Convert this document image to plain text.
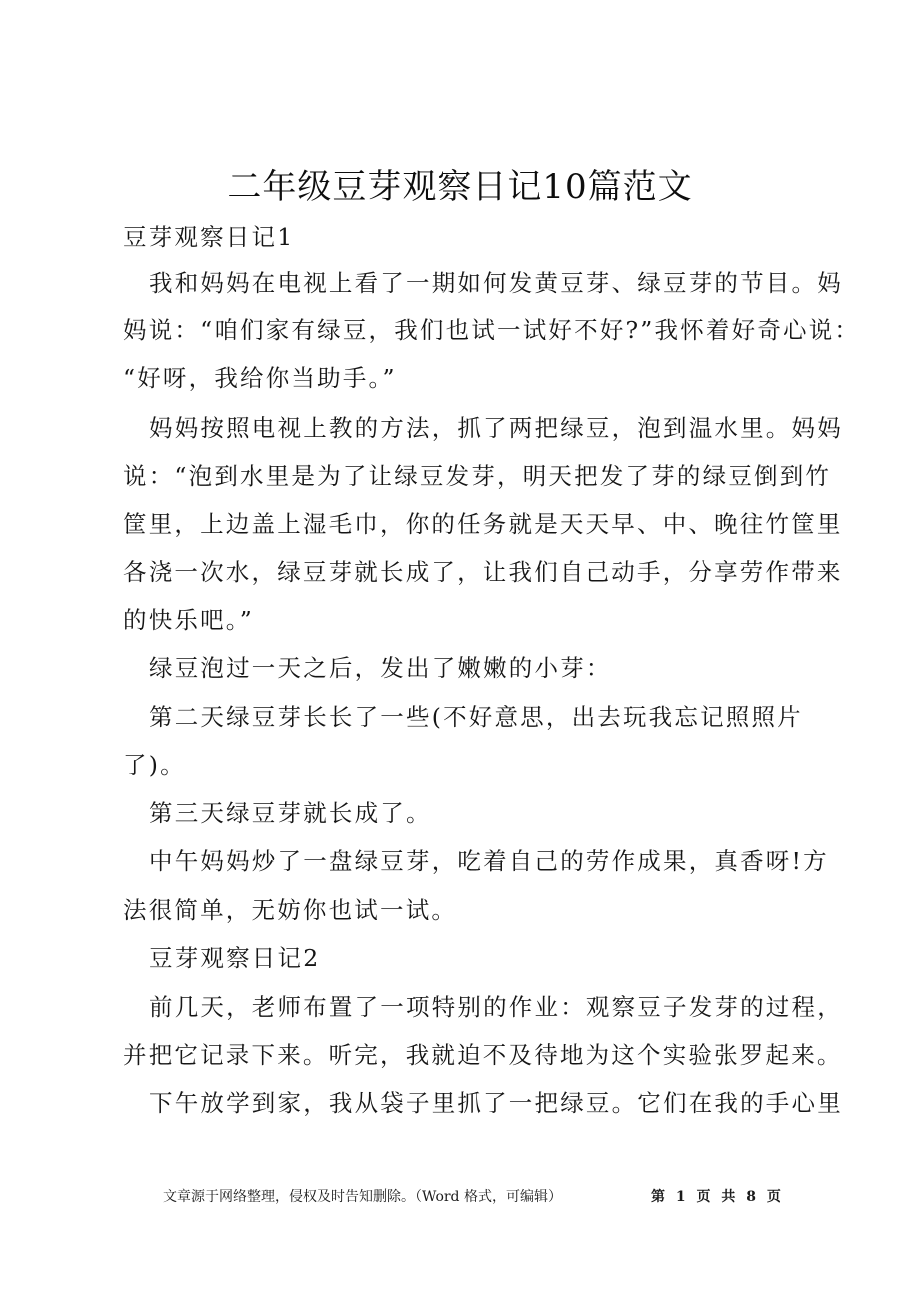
二年级豆芽观察日记10篇范文
豆芽观察日记1
我和妈妈在电视上看了一期如何发黄豆芽、绿豆芽的节目。妈
妈说：“咱们家有绿豆，我们也试一试好不好?”我怀着好奇心说：
“好呀，我给你当助手。”
妈妈按照电视上教的方法，抓了两把绿豆，泡到温水里。妈妈
说：“泡到水里是为了让绿豆发芽，明天把发了芽的绿豆倒到竹
筐里，上边盖上湿毛巾，你的任务就是天天早、中、晚往竹筐里
各浇一次水，绿豆芽就长成了，让我们自己动手，分享劳作带来
的快乐吧。”
绿豆泡过一天之后，发出了嫩嫩的小芽：
第二天绿豆芽长长了一些(不好意思，出去玩我忘记照照片
了)。
第三天绿豆芽就长成了。
中午妈妈炒了一盘绿豆芽，吃着自己的劳作成果，真香呀!方
法很简单，无妨你也试一试。
豆芽观察日记2
前几天，老师布置了一项特别的作业：观察豆子发芽的过程，
并把它记录下来。听完，我就迫不及待地为这个实验张罗起来。
下午放学到家，我从袋子里抓了一把绿豆。它们在我的手心里
文章源于网络整理，侵权及时告知删除。（Word 格式，可编辑）	第 1 页 共 8 页
